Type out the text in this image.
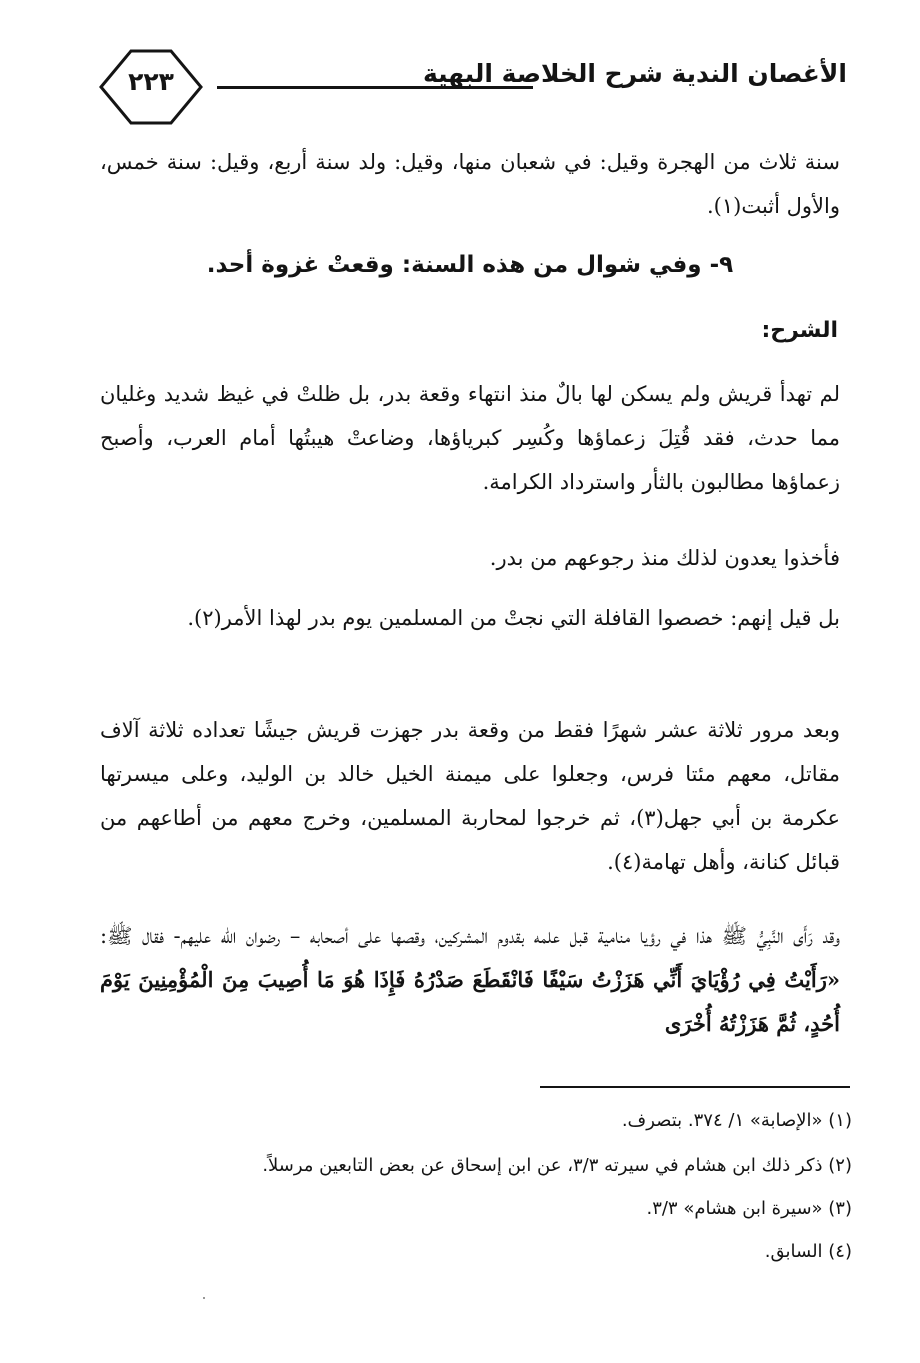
٢٢٣	الأغصان الندية شرح الخلاصة البهية

سنة ثلاث من الهجرة وقيل: في شعبان منها، وقيل: ولد سنة أربع، وقيل: سنة خمس، والأول أثبت(١).

٩- وفي شوال من هذه السنة: وقعتْ غزوة أحد.
الشرح:

لم تهدأ قريش ولم يسكن لها بالٌ منذ انتهاء وقعة بدر، بل ظلتْ في غيظ شديد وغليان مما حدث، فقد قُتِلَ زعماؤها وكُسِر كبرياؤها، وضاعتْ هيبتُها أمام العرب، وأصبح زعماؤها مطالبون بالثأر واسترداد الكرامة.

فأخذوا يعدون لذلك منذ رجوعهم من بدر.

بل قيل إنهم: خصصوا القافلة التي نجتْ من المسلمين يوم بدر لهذا الأمر(٢).

وبعد مرور ثلاثة عشر شهرًا فقط من وقعة بدر جهزت قريش جيشًا تعداده ثلاثة آلاف مقاتل، معهم مئتا فرس، وجعلوا على ميمنة الخيل خالد بن الوليد، وعلى ميسرتها عكرمة بن أبي جهل(٣)، ثم خرجوا لمحاربة المسلمين، وخرج معهم من أطاعهم من قبائل كنانة، وأهل تهامة(٤).

وقد رَأَى النَّبِيُّ ﷺ هذا في رؤيا منامية قبل علمه بقدوم المشركين، وقصها على أصحابه – رضوان الله عليهم- فقال ﷺ: «رَأَيْتُ فِي رُؤْيَايَ أَنِّي هَزَزْتُ سَيْفًا فَانْقَطَعَ صَدْرُهُ فَإِذَا هُوَ مَا أُصِيبَ مِنَ الْمُؤْمِنِينَ يَوْمَ أُحُدٍ، ثُمَّ هَزَزْتُهُ أُخْرَى

(١) «الإصابة» ١/ ٣٧٤. بتصرف.
(٢) ذكر ذلك ابن هشام في سيرته ٣/٣، عن ابن إسحاق عن بعض التابعين مرسلاً.
(٣) «سيرة ابن هشام» ٣/٣.
(٤) السابق.
